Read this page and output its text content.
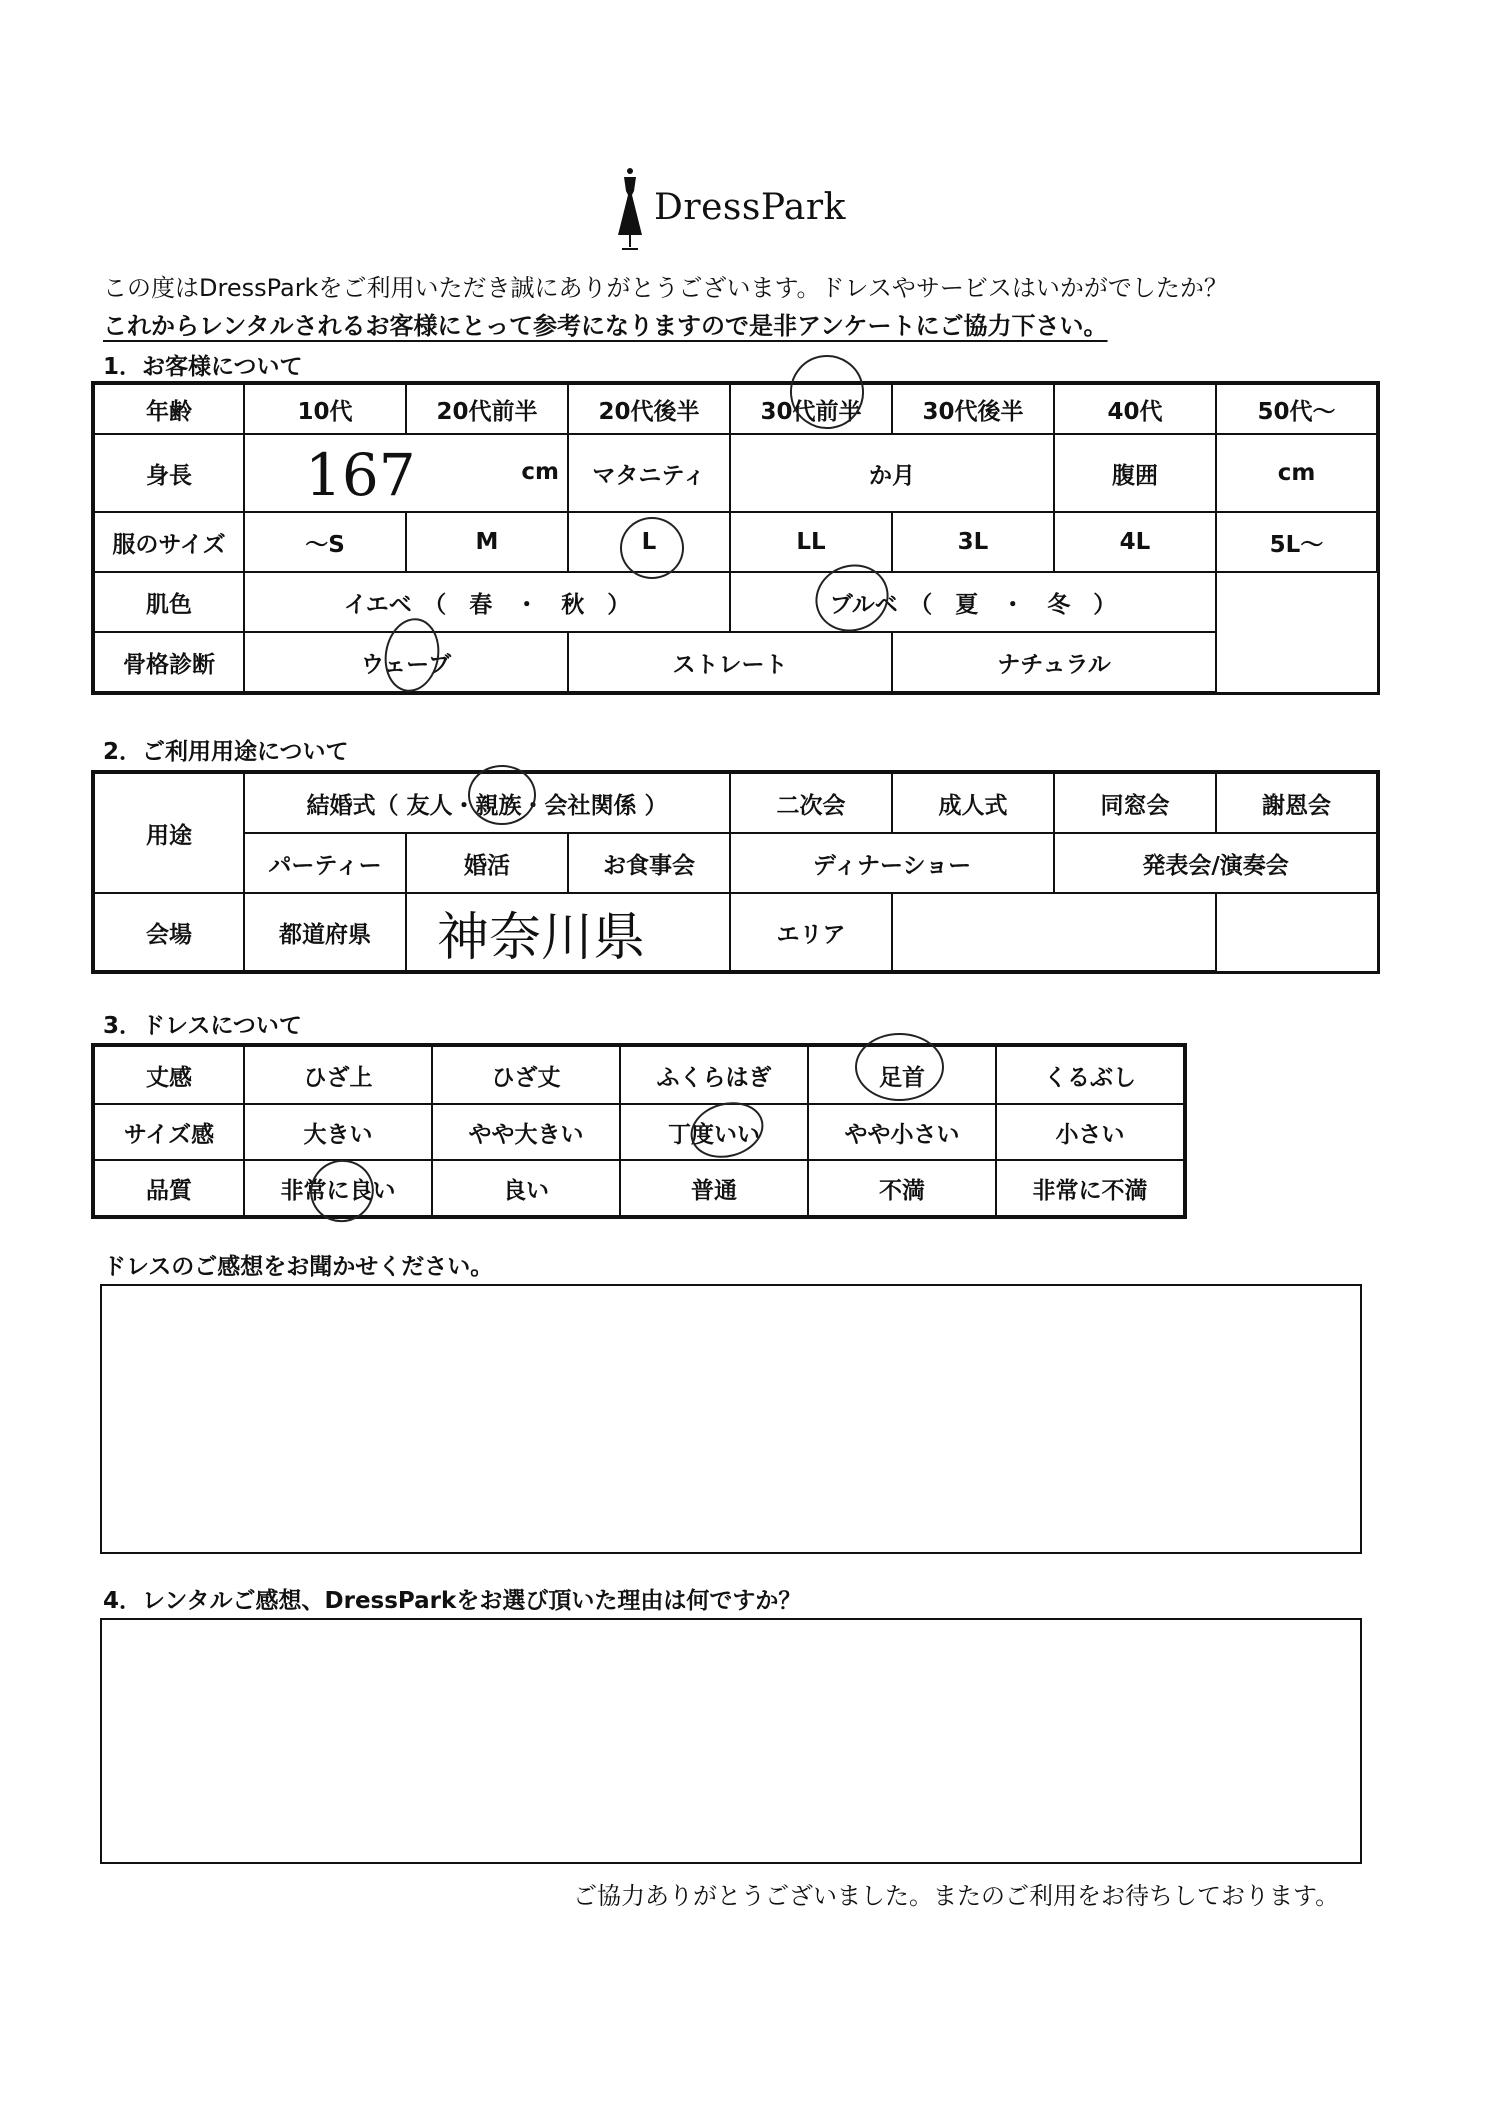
DressPark
この度はDressParkをご利用いただき誠にありがとうございます。ドレスやサービスはいかがでしたか？
これからレンタルされるお客様にとって参考になりますので是非アンケートにご協力下さい。
1．お客様について
年齢	10代	20代前半	20代後半	30代前半	30代後半	40代	50代～
身長	167 cm		マタニティ	か月		腹囲	cm
服のサイズ	～S	M	L	LL	3L	4L	5L～
肌色	イエベ　（　春　・　秋　）			ブルベ　（　夏　・　冬　）			
骨格診断	ウェーブ		ストレート		ナチュラル		
2．ご利用用途について
用途	結婚式（ 友人・親族・会社関係 ）			二次会	成人式	同窓会	謝恩会
	パーティー	婚活	お食事会	ディナーショー		発表会/演奏会	
会場	都道府県	神奈川県		エリア			
3．ドレスについて
丈感	ひざ上	ひざ丈	ふくらはぎ	足首	くるぶし
サイズ感	大きい	やや大きい	丁度いい	やや小さい	小さい
品質	非常に良い	良い	普通	不満	非常に不満
ドレスのご感想をお聞かせください。
4．レンタルご感想、DressParkをお選び頂いた理由は何ですか？
ご協力ありがとうございました。またのご利用をお待ちしております。
